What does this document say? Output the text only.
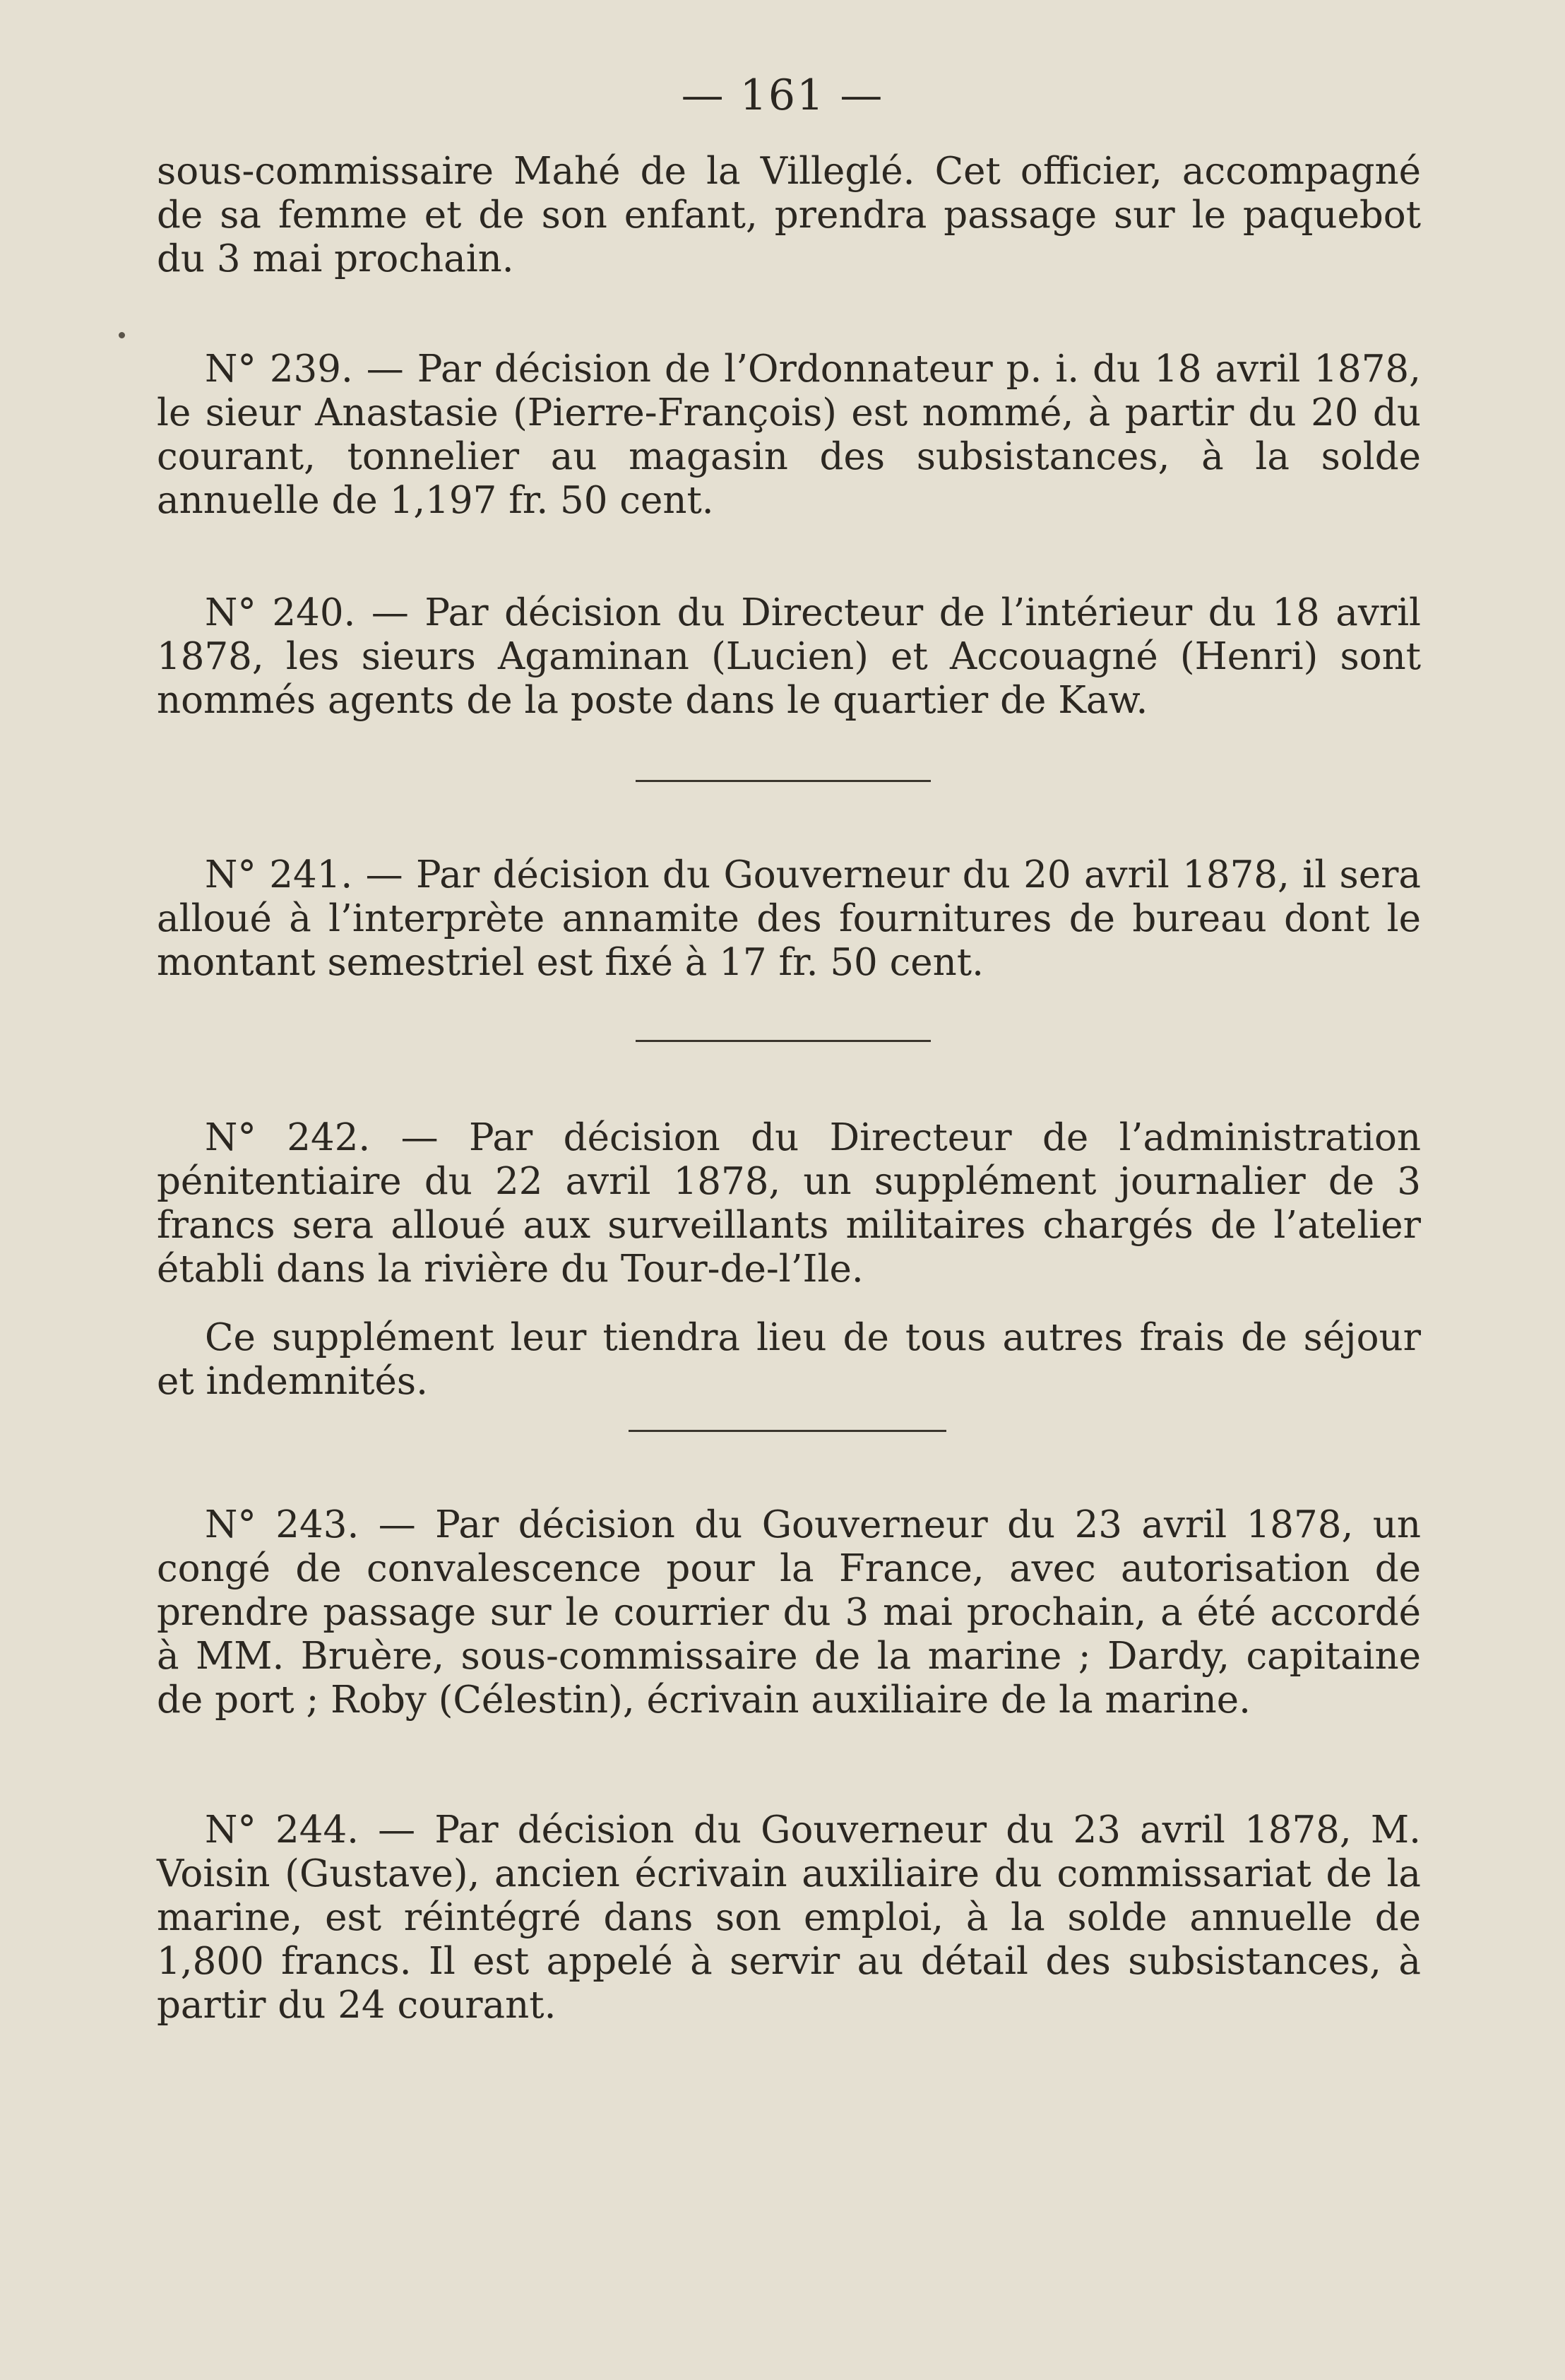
— 161 —

sous-commissaire Mahé de la Villeglé. Cet officier, accompagné de sa femme et de son enfant, prendra passage sur le paquebot du 3 mai prochain.

N° 239. — Par décision de l’Ordonnateur p. i. du 18 avril 1878, le sieur Anastasie (Pierre-François) est nommé, à partir du 20 du courant, tonnelier au magasin des subsistances, à la solde annuelle de 1,197 fr. 50 cent.

N° 240. — Par décision du Directeur de l’intérieur du 18 avril 1878, les sieurs Agaminan (Lucien) et Accouagné (Henri) sont nommés agents de la poste dans le quartier de Kaw.

N° 241. — Par décision du Gouverneur du 20 avril 1878, il sera alloué à l’interprète annamite des fournitures de bureau dont le montant semestriel est fixé à 17 fr. 50 cent.

N° 242. — Par décision du Directeur de l’administration pénitentiaire du 22 avril 1878, un supplément journalier de 3 francs sera alloué aux surveillants militaires chargés de l’atelier établi dans la rivière du Tour-de-l’Ile.

Ce supplément leur tiendra lieu de tous autres frais de séjour et indemnités.

N° 243. — Par décision du Gouverneur du 23 avril 1878, un congé de convalescence pour la France, avec autorisation de prendre passage sur le courrier du 3 mai prochain, a été accordé à MM. Bruère, sous-commissaire de la marine ; Dardy, capitaine de port ; Roby (Célestin), écrivain auxiliaire de la marine.

N° 244. — Par décision du Gouverneur du 23 avril 1878, M. Voisin (Gustave), ancien écrivain auxiliaire du commissariat de la marine, est réintégré dans son emploi, à la solde annuelle de 1,800 francs. Il est appelé à servir au détail des subsistances, à partir du 24 courant.
